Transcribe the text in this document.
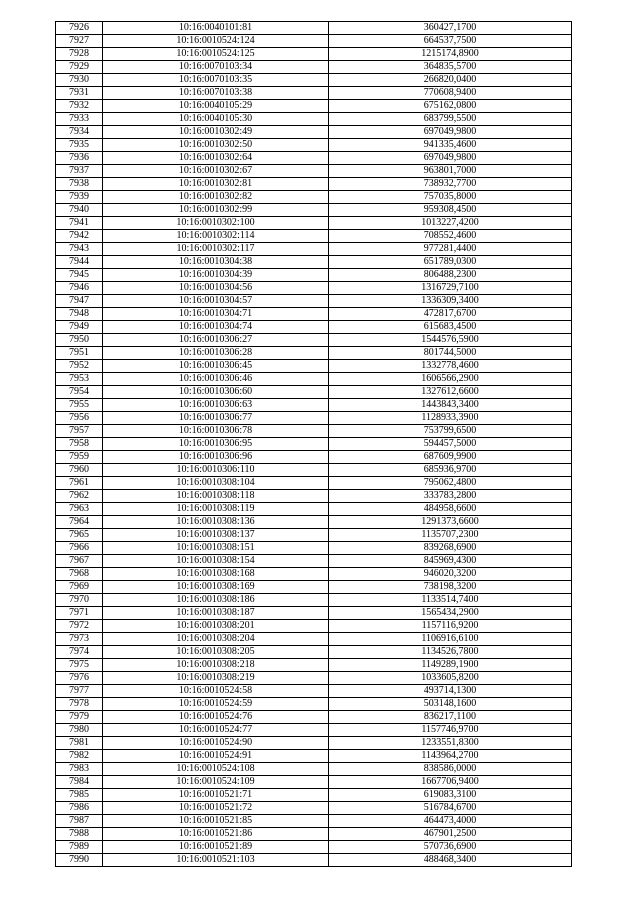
7926	10:16:0040101:81	360427,1700
7927	10:16:0010524:124	664537,7500
7928	10:16:0010524:125	1215174,8900
7929	10:16:0070103:34	364835,5700
7930	10:16:0070103:35	266820,0400
7931	10:16:0070103:38	770608,9400
7932	10:16:0040105:29	675162,0800
7933	10:16:0040105:30	683799,5500
7934	10:16:0010302:49	697049,9800
7935	10:16:0010302:50	941335,4600
7936	10:16:0010302:64	697049,9800
7937	10:16:0010302:67	963801,7000
7938	10:16:0010302:81	738932,7700
7939	10:16:0010302:82	757035,8000
7940	10:16:0010302:99	959308,4500
7941	10:16:0010302:100	1013227,4200
7942	10:16:0010302:114	708552,4600
7943	10:16:0010302:117	977281,4400
7944	10:16:0010304:38	651789,0300
7945	10:16:0010304:39	806488,2300
7946	10:16:0010304:56	1316729,7100
7947	10:16:0010304:57	1336309,3400
7948	10:16:0010304:71	472817,6700
7949	10:16:0010304:74	615683,4500
7950	10:16:0010306:27	1544576,5900
7951	10:16:0010306:28	801744,5000
7952	10:16:0010306:45	1332778,4600
7953	10:16:0010306:46	1606566,2900
7954	10:16:0010306:60	1327612,6600
7955	10:16:0010306:63	1443843,3400
7956	10:16:0010306:77	1128933,3900
7957	10:16:0010306:78	753799,6500
7958	10:16:0010306:95	594457,5000
7959	10:16:0010306:96	687609,9900
7960	10:16:0010306:110	685936,9700
7961	10:16:0010308:104	795062,4800
7962	10:16:0010308:118	333783,2800
7963	10:16:0010308:119	484958,6600
7964	10:16:0010308:136	1291373,6600
7965	10:16:0010308:137	1135707,2300
7966	10:16:0010308:151	839268,6900
7967	10:16:0010308:154	845969,4300
7968	10:16:0010308:168	946020,3200
7969	10:16:0010308:169	738198,3200
7970	10:16:0010308:186	1133514,7400
7971	10:16:0010308:187	1565434,2900
7972	10:16:0010308:201	1157116,9200
7973	10:16:0010308:204	1106916,6100
7974	10:16:0010308:205	1134526,7800
7975	10:16:0010308:218	1149289,1900
7976	10:16:0010308:219	1033605,8200
7977	10:16:0010524:58	493714,1300
7978	10:16:0010524:59	503148,1600
7979	10:16:0010524:76	836217,1100
7980	10:16:0010524:77	1157746,9700
7981	10:16:0010524:90	1233551,8300
7982	10:16:0010524:91	1143964,2700
7983	10:16:0010524:108	838586,0000
7984	10:16:0010524:109	1667706,9400
7985	10:16:0010521:71	619083,3100
7986	10:16:0010521:72	516784,6700
7987	10:16:0010521:85	464473,4000
7988	10:16:0010521:86	467901,2500
7989	10:16:0010521:89	570736,6900
7990	10:16:0010521:103	488468,3400
